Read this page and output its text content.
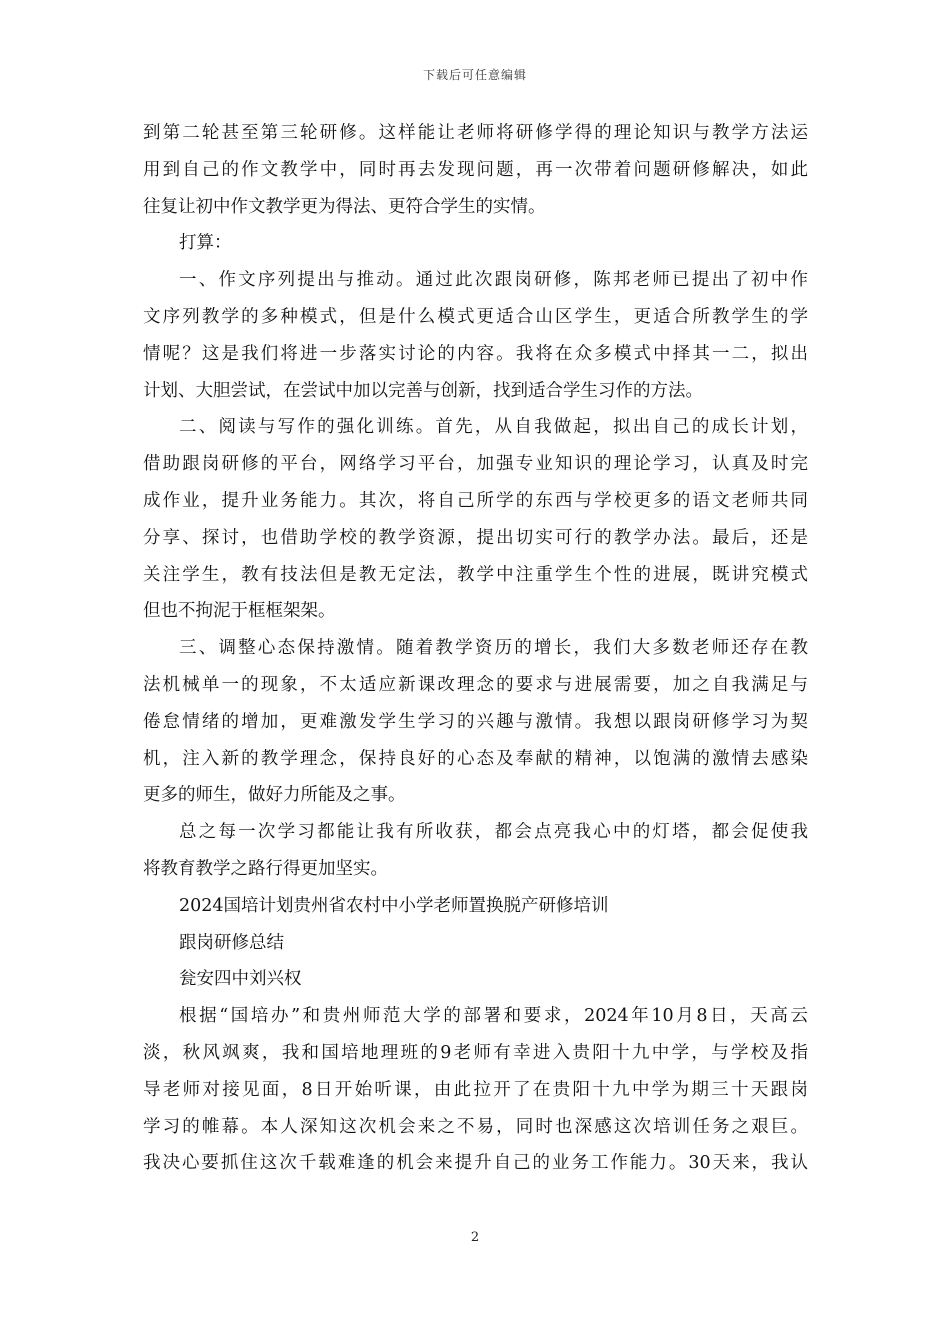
下载后可任意编辑
到第二轮甚至第三轮研修。这样能让老师将研修学得的理论知识与教学方法运
用到自己的作文教学中，同时再去发现问题，再一次带着问题研修解决，如此
往复让初中作文教学更为得法、更符合学生的实情。
打算：
一、作文序列提出与推动。通过此次跟岗研修，陈邦老师已提出了初中作
文序列教学的多种模式，但是什么模式更适合山区学生，更适合所教学生的学
情呢？这是我们将进一步落实讨论的内容。我将在众多模式中择其一二，拟出
计划、大胆尝试，在尝试中加以完善与创新，找到适合学生习作的方法。
二、阅读与写作的强化训练。首先，从自我做起，拟出自己的成长计划，
借助跟岗研修的平台，网络学习平台，加强专业知识的理论学习，认真及时完
成作业，提升业务能力。其次，将自己所学的东西与学校更多的语文老师共同
分享、探讨，也借助学校的教学资源，提出切实可行的教学办法。最后，还是
关注学生，教有技法但是教无定法，教学中注重学生个性的进展，既讲究模式
但也不拘泥于框框架架。
三、调整心态保持激情。随着教学资历的增长，我们大多数老师还存在教
法机械单一的现象，不太适应新课改理念的要求与进展需要，加之自我满足与
倦怠情绪的增加，更难激发学生学习的兴趣与激情。我想以跟岗研修学习为契
机，注入新的教学理念，保持良好的心态及奉献的精神，以饱满的激情去感染
更多的师生，做好力所能及之事。
总之每一次学习都能让我有所收获，都会点亮我心中的灯塔，都会促使我
将教育教学之路行得更加坚实。
2024国培计划贵州省农村中小学老师置换脱产研修培训
跟岗研修总结
瓮安四中刘兴权
根据“国培办”和贵州师范大学的部署和要求，2024年10月8日，天高云
淡，秋风飒爽，我和国培地理班的9老师有幸进入贵阳十九中学，与学校及指
导老师对接见面，8日开始听课，由此拉开了在贵阳十九中学为期三十天跟岗
学习的帷幕。本人深知这次机会来之不易，同时也深感这次培训任务之艰巨。
我决心要抓住这次千载难逢的机会来提升自己的业务工作能力。30天来，我认
2
